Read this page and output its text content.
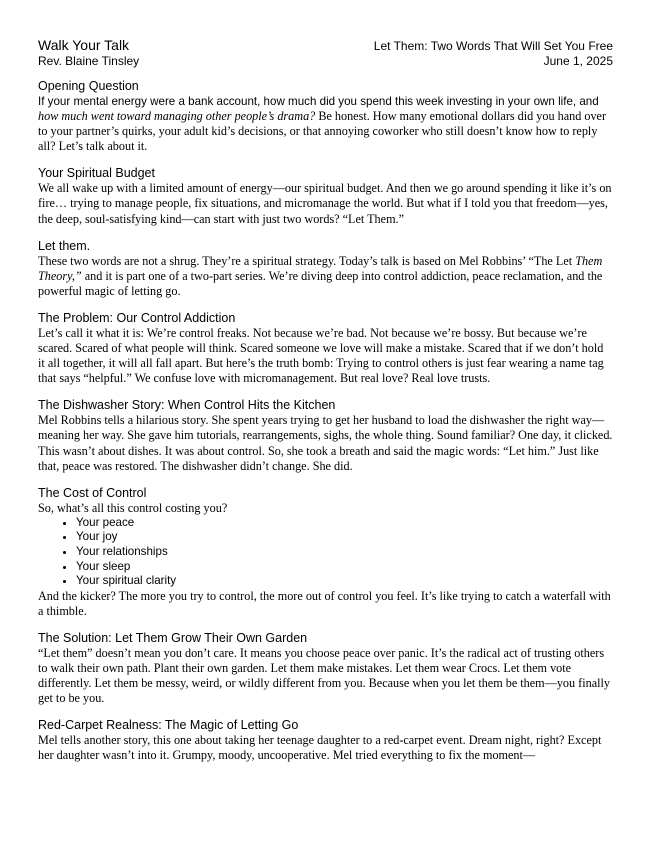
Walk Your Talk	Let Them: Two Words That Will Set You Free
Rev. Blaine Tinsley	June 1, 2025
Opening Question

If your mental energy were a bank account, how much did you spend this week investing in your own life, and how much went toward managing other people’s drama? Be honest. How many emotional dollars did you hand over to your partner’s quirks, your adult kid’s decisions, or that annoying coworker who still doesn’t know how to reply all? Let’s talk about it.

Your Spiritual Budget

We all wake up with a limited amount of energy—our spiritual budget. And then we go around spending it like it’s on fire… trying to manage people, fix situations, and micromanage the world. But what if I told you that freedom—yes, the deep, soul-satisfying kind—can start with just two words? “Let Them.”

Let them.

These two words are not a shrug. They’re a spiritual strategy. Today’s talk is based on Mel Robbins’ “The Let Them Theory,” and it is part one of a two-part series. We’re diving deep into control addiction, peace reclamation, and the powerful magic of letting go.

The Problem: Our Control Addiction

Let’s call it what it is: We’re control freaks. Not because we’re bad. Not because we’re bossy. But because we’re scared. Scared of what people will think. Scared someone we love will make a mistake. Scared that if we don’t hold it all together, it will all fall apart. But here’s the truth bomb: Trying to control others is just fear wearing a name tag that says “helpful.” We confuse love with micromanagement. But real love? Real love trusts.

The Dishwasher Story: When Control Hits the Kitchen

Mel Robbins tells a hilarious story. She spent years trying to get her husband to load the dishwasher the right way—meaning her way. She gave him tutorials, rearrangements, sighs, the whole thing. Sound familiar? One day, it clicked. This wasn’t about dishes. It was about control. So, she took a breath and said the magic words: “Let him.” Just like that, peace was restored. The dishwasher didn’t change. She did.

The Cost of Control

So, what’s all this control costing you?

• Your peace
• Your joy
• Your relationships
• Your sleep
• Your spiritual clarity

And the kicker? The more you try to control, the more out of control you feel. It’s like trying to catch a waterfall with a thimble.

The Solution: Let Them Grow Their Own Garden

“Let them” doesn’t mean you don’t care. It means you choose peace over panic. It’s the radical act of trusting others to walk their own path. Plant their own garden. Let them make mistakes. Let them wear Crocs. Let them vote differently. Let them be messy, weird, or wildly different from you. Because when you let them be them—you finally get to be you.

Red-Carpet Realness: The Magic of Letting Go

Mel tells another story, this one about taking her teenage daughter to a red-carpet event. Dream night, right? Except her daughter wasn’t into it. Grumpy, moody, uncooperative. Mel tried everything to fix the moment—
